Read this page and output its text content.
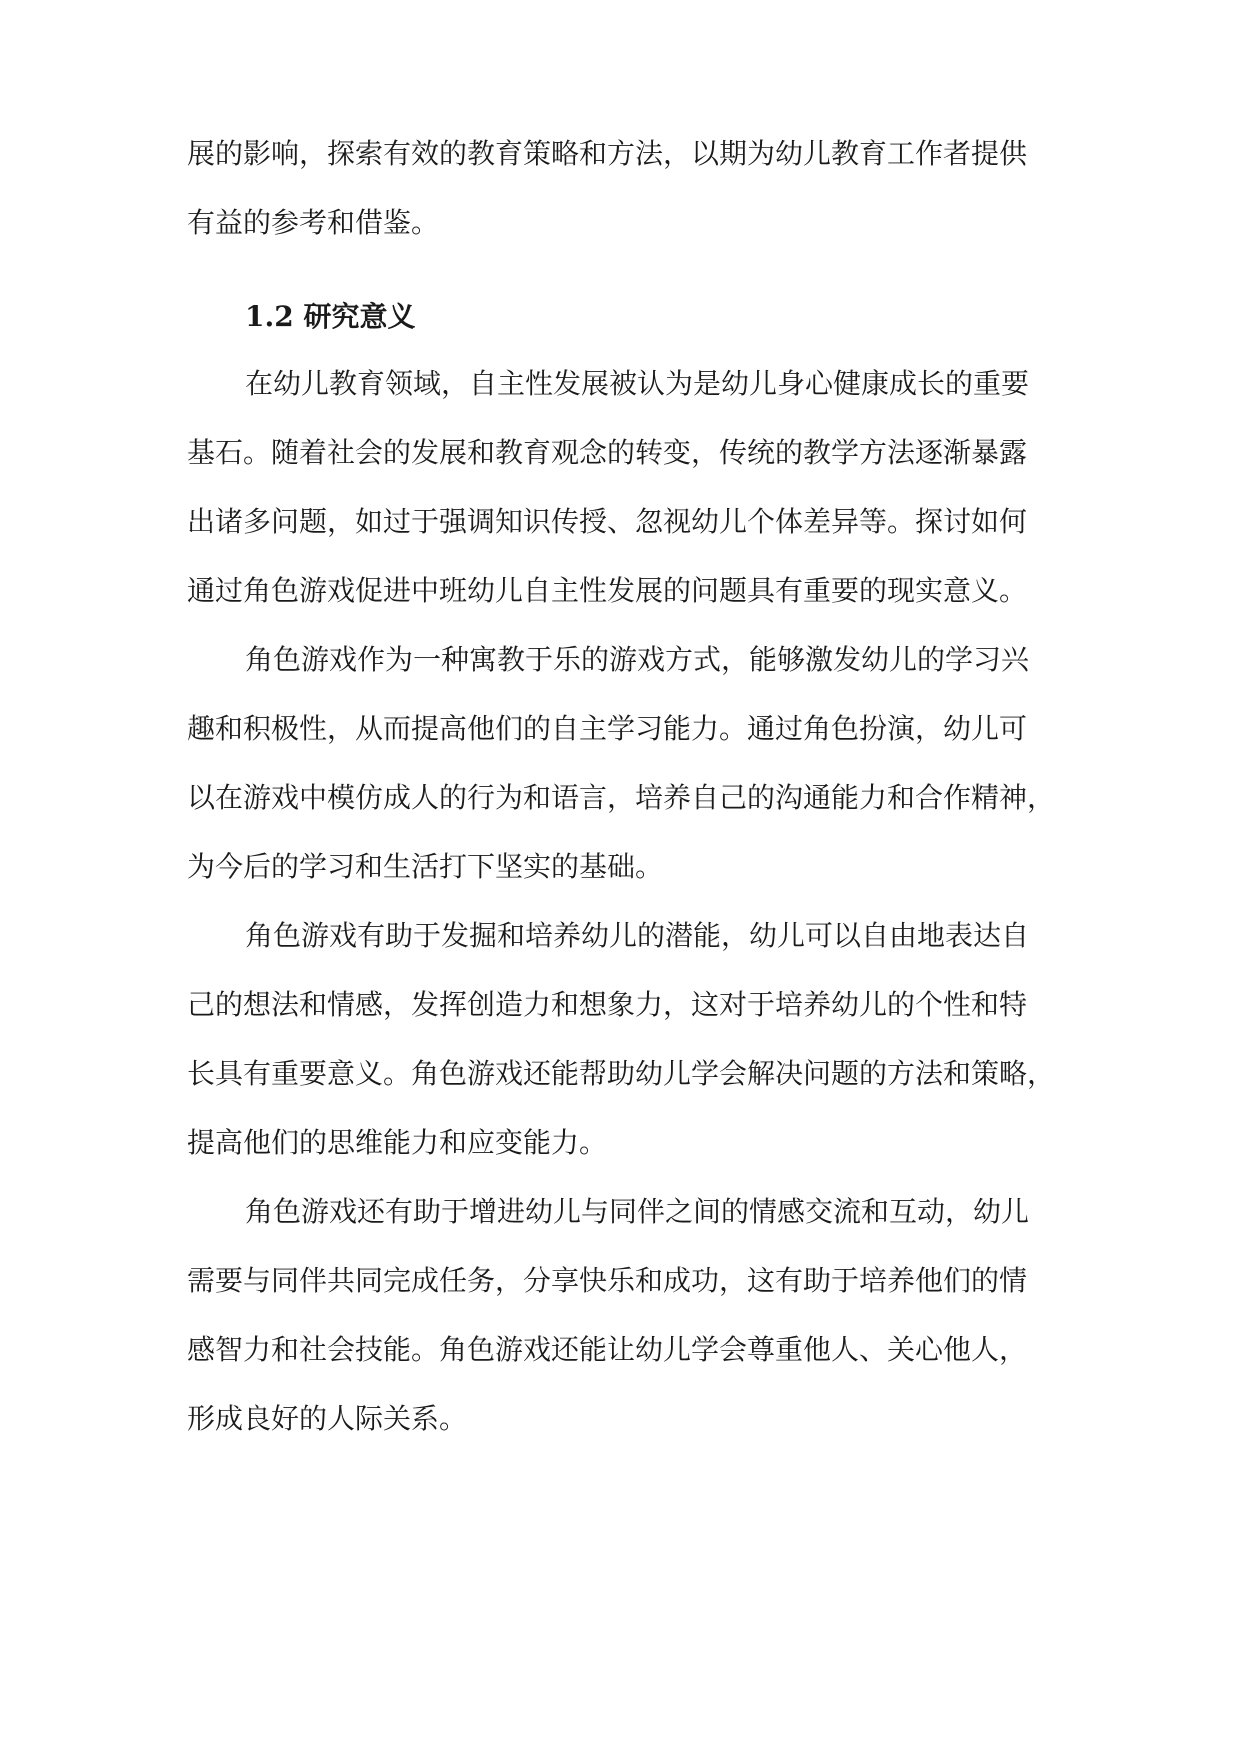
展的影响，探索有效的教育策略和方法，以期为幼儿教育工作者提供
有益的参考和借鉴。
1.2 研究意义
在幼儿教育领域，自主性发展被认为是幼儿身心健康成长的重要
基石。随着社会的发展和教育观念的转变，传统的教学方法逐渐暴露
出诸多问题，如过于强调知识传授、忽视幼儿个体差异等。探讨如何
通过角色游戏促进中班幼儿自主性发展的问题具有重要的现实意义。
角色游戏作为一种寓教于乐的游戏方式，能够激发幼儿的学习兴
趣和积极性，从而提高他们的自主学习能力。通过角色扮演，幼儿可
以在游戏中模仿成人的行为和语言，培养自己的沟通能力和合作精神，
为今后的学习和生活打下坚实的基础。
角色游戏有助于发掘和培养幼儿的潜能，幼儿可以自由地表达自
己的想法和情感，发挥创造力和想象力，这对于培养幼儿的个性和特
长具有重要意义。角色游戏还能帮助幼儿学会解决问题的方法和策略，
提高他们的思维能力和应变能力。
角色游戏还有助于增进幼儿与同伴之间的情感交流和互动，幼儿
需要与同伴共同完成任务，分享快乐和成功，这有助于培养他们的情
感智力和社会技能。角色游戏还能让幼儿学会尊重他人、关心他人，
形成良好的人际关系。
